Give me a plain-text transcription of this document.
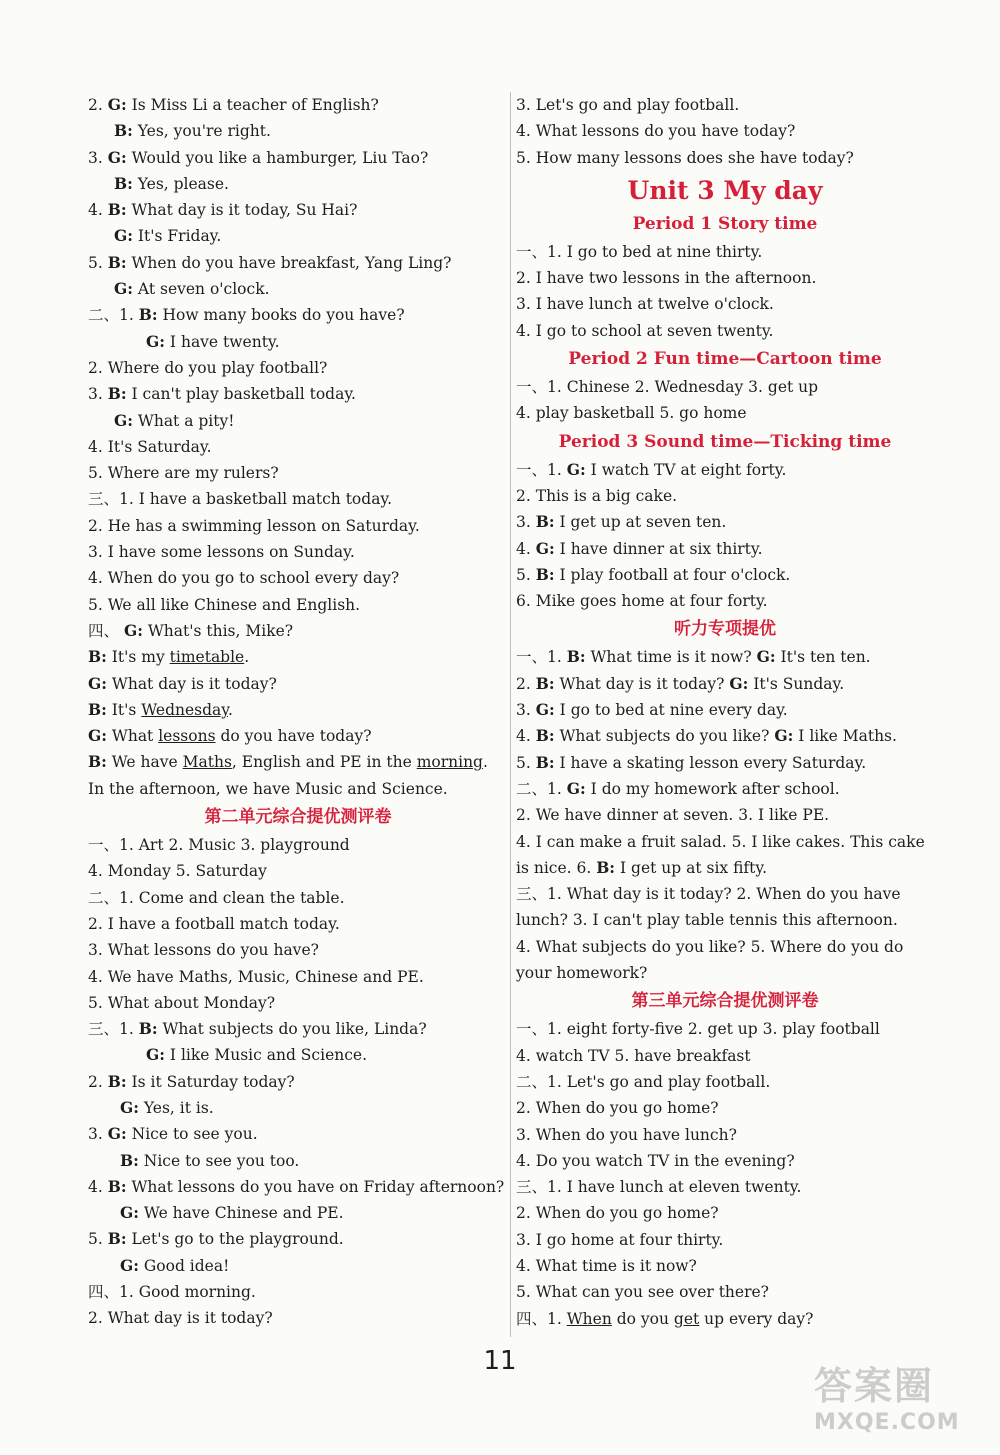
2. G: Is Miss Li a teacher of English?
B: Yes, you're right.
3. G: Would you like a hamburger, Liu Tao?
B: Yes, please.
4. B: What day is it today, Su Hai?
G: It's Friday.
5. B: When do you have breakfast, Yang Ling?
G: At seven o'clock.
二、1. B: How many books do you have?
G: I have twenty.
2. Where do you play football?
3. B: I can't play basketball today.
G: What a pity!
4. It's Saturday.
5. Where are my rulers?
三、1. I have a basketball match today.
2. He has a swimming lesson on Saturday.
3. I have some lessons on Sunday.
4. When do you go to school every day?
5. We all like Chinese and English.
四、 G: What's this, Mike?
B: It's my timetable.
G: What day is it today?
B: It's Wednesday.
G: What lessons do you have today?
B: We have Maths, English and PE in the morning. In the afternoon, we have Music and Science.
第二单元综合提优测评卷
一、1. Art 2. Music 3. playground
4. Monday 5. Saturday
二、1. Come and clean the table.
2. I have a football match today.
3. What lessons do you have?
4. We have Maths, Music, Chinese and PE.
5. What about Monday?
三、1. B: What subjects do you like, Linda?
G: I like Music and Science.
2. B: Is it Saturday today?
G: Yes, it is.
3. G: Nice to see you.
B: Nice to see you too.
4. B: What lessons do you have on Friday afternoon?
G: We have Chinese and PE.
5. B: Let's go to the playground.
G: Good idea!
四、1. Good morning.
2. What day is it today?
3. Let's go and play football.
4. What lessons do you have today?
5. How many lessons does she have today?
Unit 3 My day
Period 1 Story time
一、1. I go to bed at nine thirty.
2. I have two lessons in the afternoon.
3. I have lunch at twelve o'clock.
4. I go to school at seven twenty.
Period 2 Fun time—Cartoon time
一、1. Chinese 2. Wednesday 3. get up
4. play basketball 5. go home
Period 3 Sound time—Ticking time
一、1. G: I watch TV at eight forty.
2. This is a big cake.
3. B: I get up at seven ten.
4. G: I have dinner at six thirty.
5. B: I play football at four o'clock.
6. Mike goes home at four forty.
听力专项提优
一、1. B: What time is it now? G: It's ten ten.
2. B: What day is it today? G: It's Sunday.
3. G: I go to bed at nine every day.
4. B: What subjects do you like? G: I like Maths.
5. B: I have a skating lesson every Saturday.
二、1. G: I do my homework after school.
2. We have dinner at seven. 3. I like PE.
4. I can make a fruit salad. 5. I like cakes. This cake is nice. 6. B: I get up at six fifty.
三、1. What day is it today? 2. When do you have lunch? 3. I can't play table tennis this afternoon.
4. What subjects do you like? 5. Where do you do your homework?
第三单元综合提优测评卷
一、1. eight forty-five 2. get up 3. play football
4. watch TV 5. have breakfast
二、1. Let's go and play football.
2. When do you go home?
3. When do you have lunch?
4. Do you watch TV in the evening?
三、1. I have lunch at eleven twenty.
2. When do you go home?
3. I go home at four thirty.
4. What time is it now?
5. What can you see over there?
四、1. When do you get up every day?
11
答案圈
MXQE.COM
